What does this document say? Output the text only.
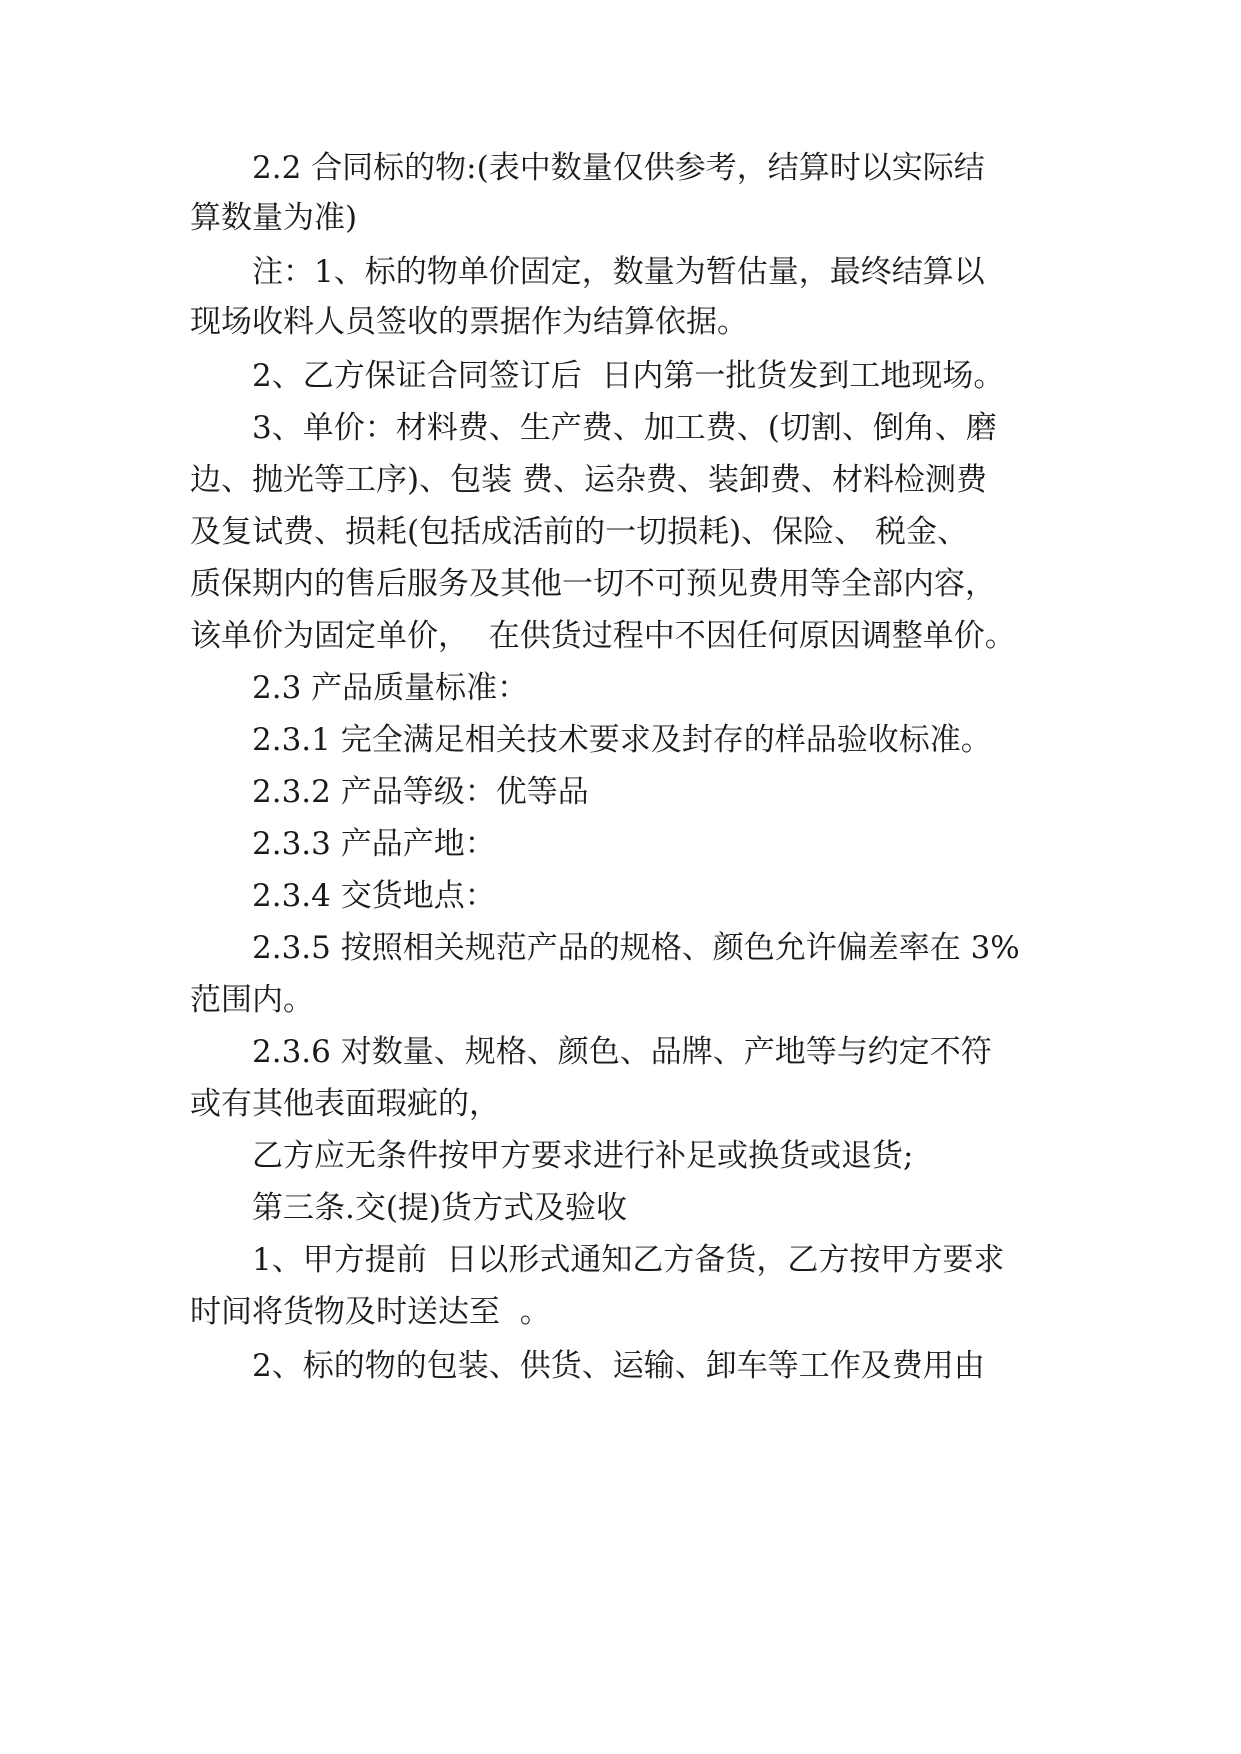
2.2 合同标的物:(表中数量仅供参考，结算时以实际结
算数量为准)
注：1、标的物单价固定，数量为暂估量，最终结算以
现场收料人员签收的票据作为结算依据。
2、乙方保证合同签订后  日内第一批货发到工地现场。
3、单价：材料费、生产费、加工费、(切割、倒角、磨
边、抛光等工序)、包装 费、运杂费、装卸费、材料检测费
及复试费、损耗(包括成活前的一切损耗)、保险、 税金、
质保期内的售后服务及其他一切不可预见费用等全部内容，
该单价为固定单价，  在供货过程中不因任何原因调整单价。
2.3 产品质量标准：
2.3.1 完全满足相关技术要求及封存的样品验收标准。
2.3.2 产品等级：优等品
2.3.3 产品产地：
2.3.4 交货地点：
2.3.5 按照相关规范产品的规格、颜色允许偏差率在 3%
范围内。
2.3.6 对数量、规格、颜色、品牌、产地等与约定不符
或有其他表面瑕疵的，
乙方应无条件按甲方要求进行补足或换货或退货;
第三条.交(提)货方式及验收
1、甲方提前  日以形式通知乙方备货，乙方按甲方要求
时间将货物及时送达至  。
2、标的物的包装、供货、运输、卸车等工作及费用由
